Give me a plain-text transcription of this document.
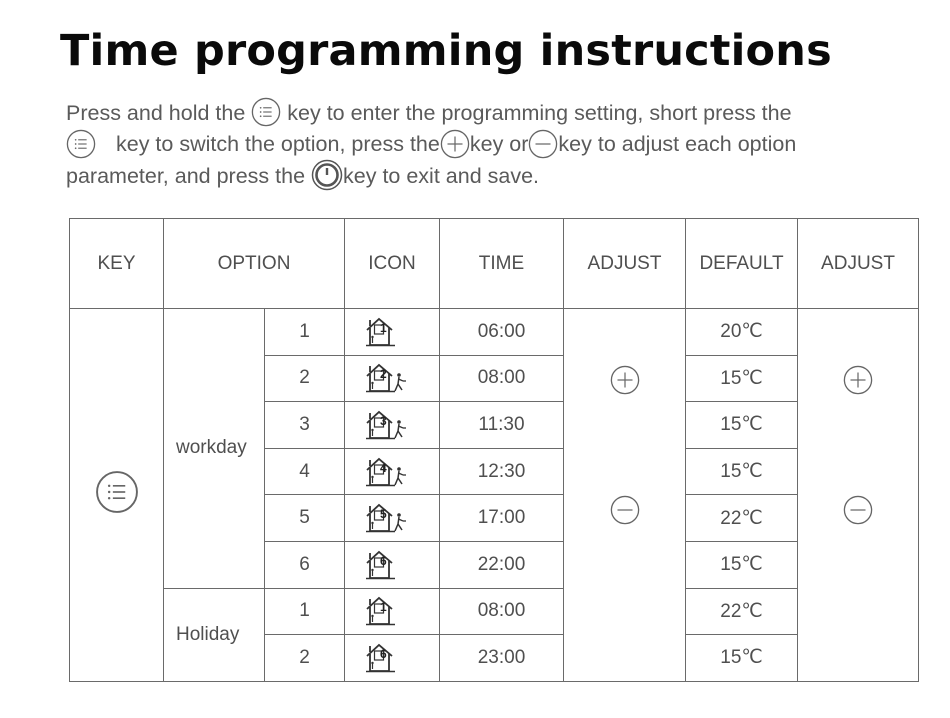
Time programming instructions
Press and hold the key to enter the programming setting, short press the
key to switch the option, press the key or key to adjust each option
parameter, and press the key to exit and save.
KEY	OPTION		ICON	TIME	ADJUST	DEFAULT	ADJUST
	workday	1	1	06:00		20℃	

		2	2	08:00		15℃	
		3	3	11:30		15℃	
		4	4	12:30		15℃	
		5	5	17:00		22℃	
		6	6	22:00		15℃	
	Holiday	1	1	08:00		22℃	
		2	6	23:00		15℃	
